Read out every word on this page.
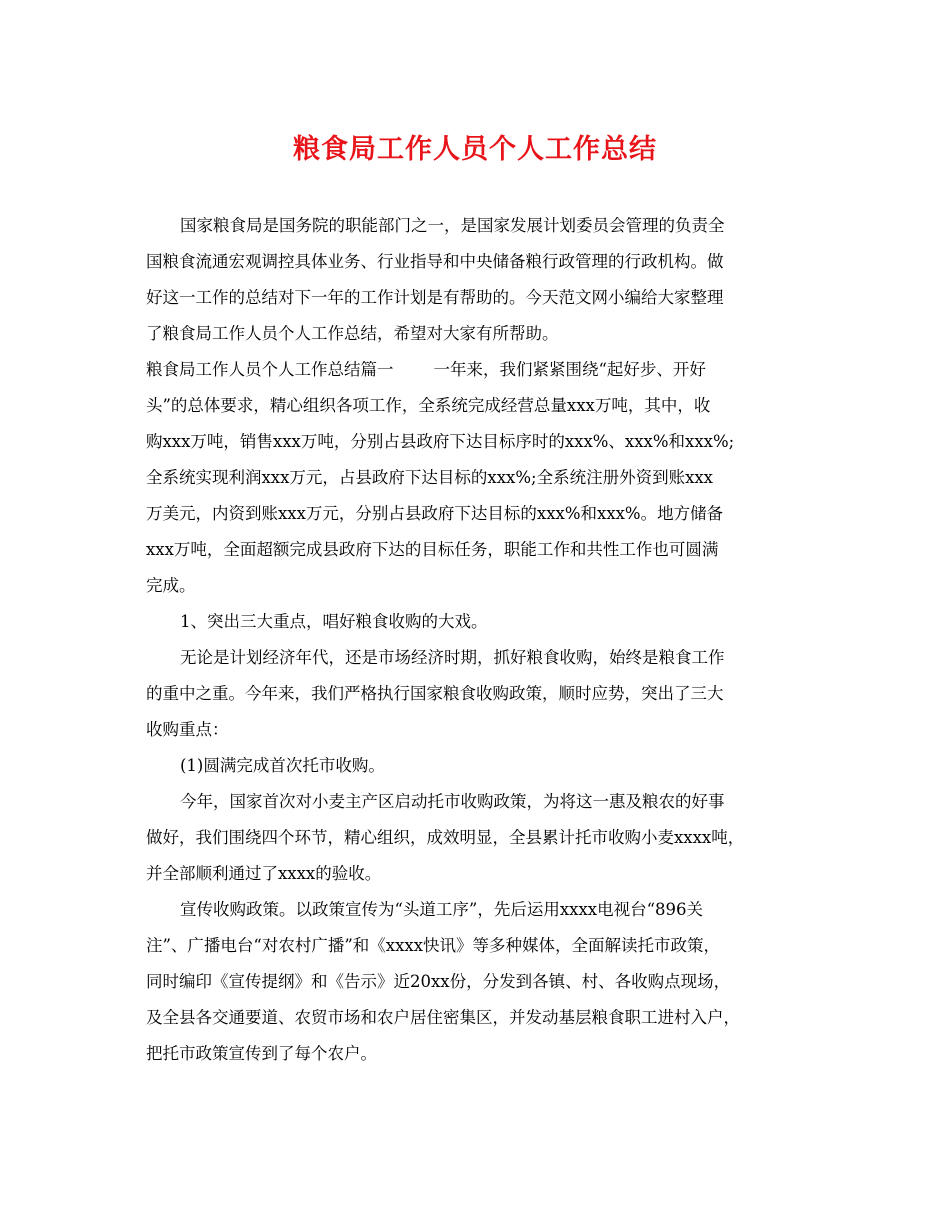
粮食局工作人员个人工作总结
国家粮食局是国务院的职能部门之一，是国家发展计划委员会管理的负责全
国粮食流通宏观调控具体业务、行业指导和中央储备粮行政管理的行政机构。做
好这一工作的总结对下一年的工作计划是有帮助的。今天范文网小编给大家整理
了粮食局工作人员个人工作总结，希望对大家有所帮助。
粮食局工作人员个人工作总结篇一 一年来，我们紧紧围绕“起好步、开好
头”的总体要求，精心组织各项工作，全系统完成经营总量xxx万吨，其中，收
购xxx万吨，销售xxx万吨，分别占县政府下达目标序时的xxx%、xxx%和xxx%;
全系统实现利润xxx万元，占县政府下达目标的xxx%;全系统注册外资到账xxx
万美元，内资到账xxx万元，分别占县政府下达目标的xxx%和xxx%。地方储备
xxx万吨，全面超额完成县政府下达的目标任务，职能工作和共性工作也可圆满
完成。
1、突出三大重点，唱好粮食收购的大戏。
无论是计划经济年代，还是市场经济时期，抓好粮食收购，始终是粮食工作
的重中之重。今年来，我们严格执行国家粮食收购政策，顺时应势，突出了三大
收购重点：
(1)圆满完成首次托市收购。
今年，国家首次对小麦主产区启动托市收购政策，为将这一惠及粮农的好事
做好，我们围绕四个环节，精心组织，成效明显，全县累计托市收购小麦xxxx吨，
并全部顺利通过了xxxx的验收。
宣传收购政策。以政策宣传为“头道工序”，先后运用xxxx电视台“896关
注”、广播电台“对农村广播”和《xxxx快讯》等多种媒体，全面解读托市政策，
同时编印《宣传提纲》和《告示》近20xx份，分发到各镇、村、各收购点现场，
及全县各交通要道、农贸市场和农户居住密集区，并发动基层粮食职工进村入户，
把托市政策宣传到了每个农户。
